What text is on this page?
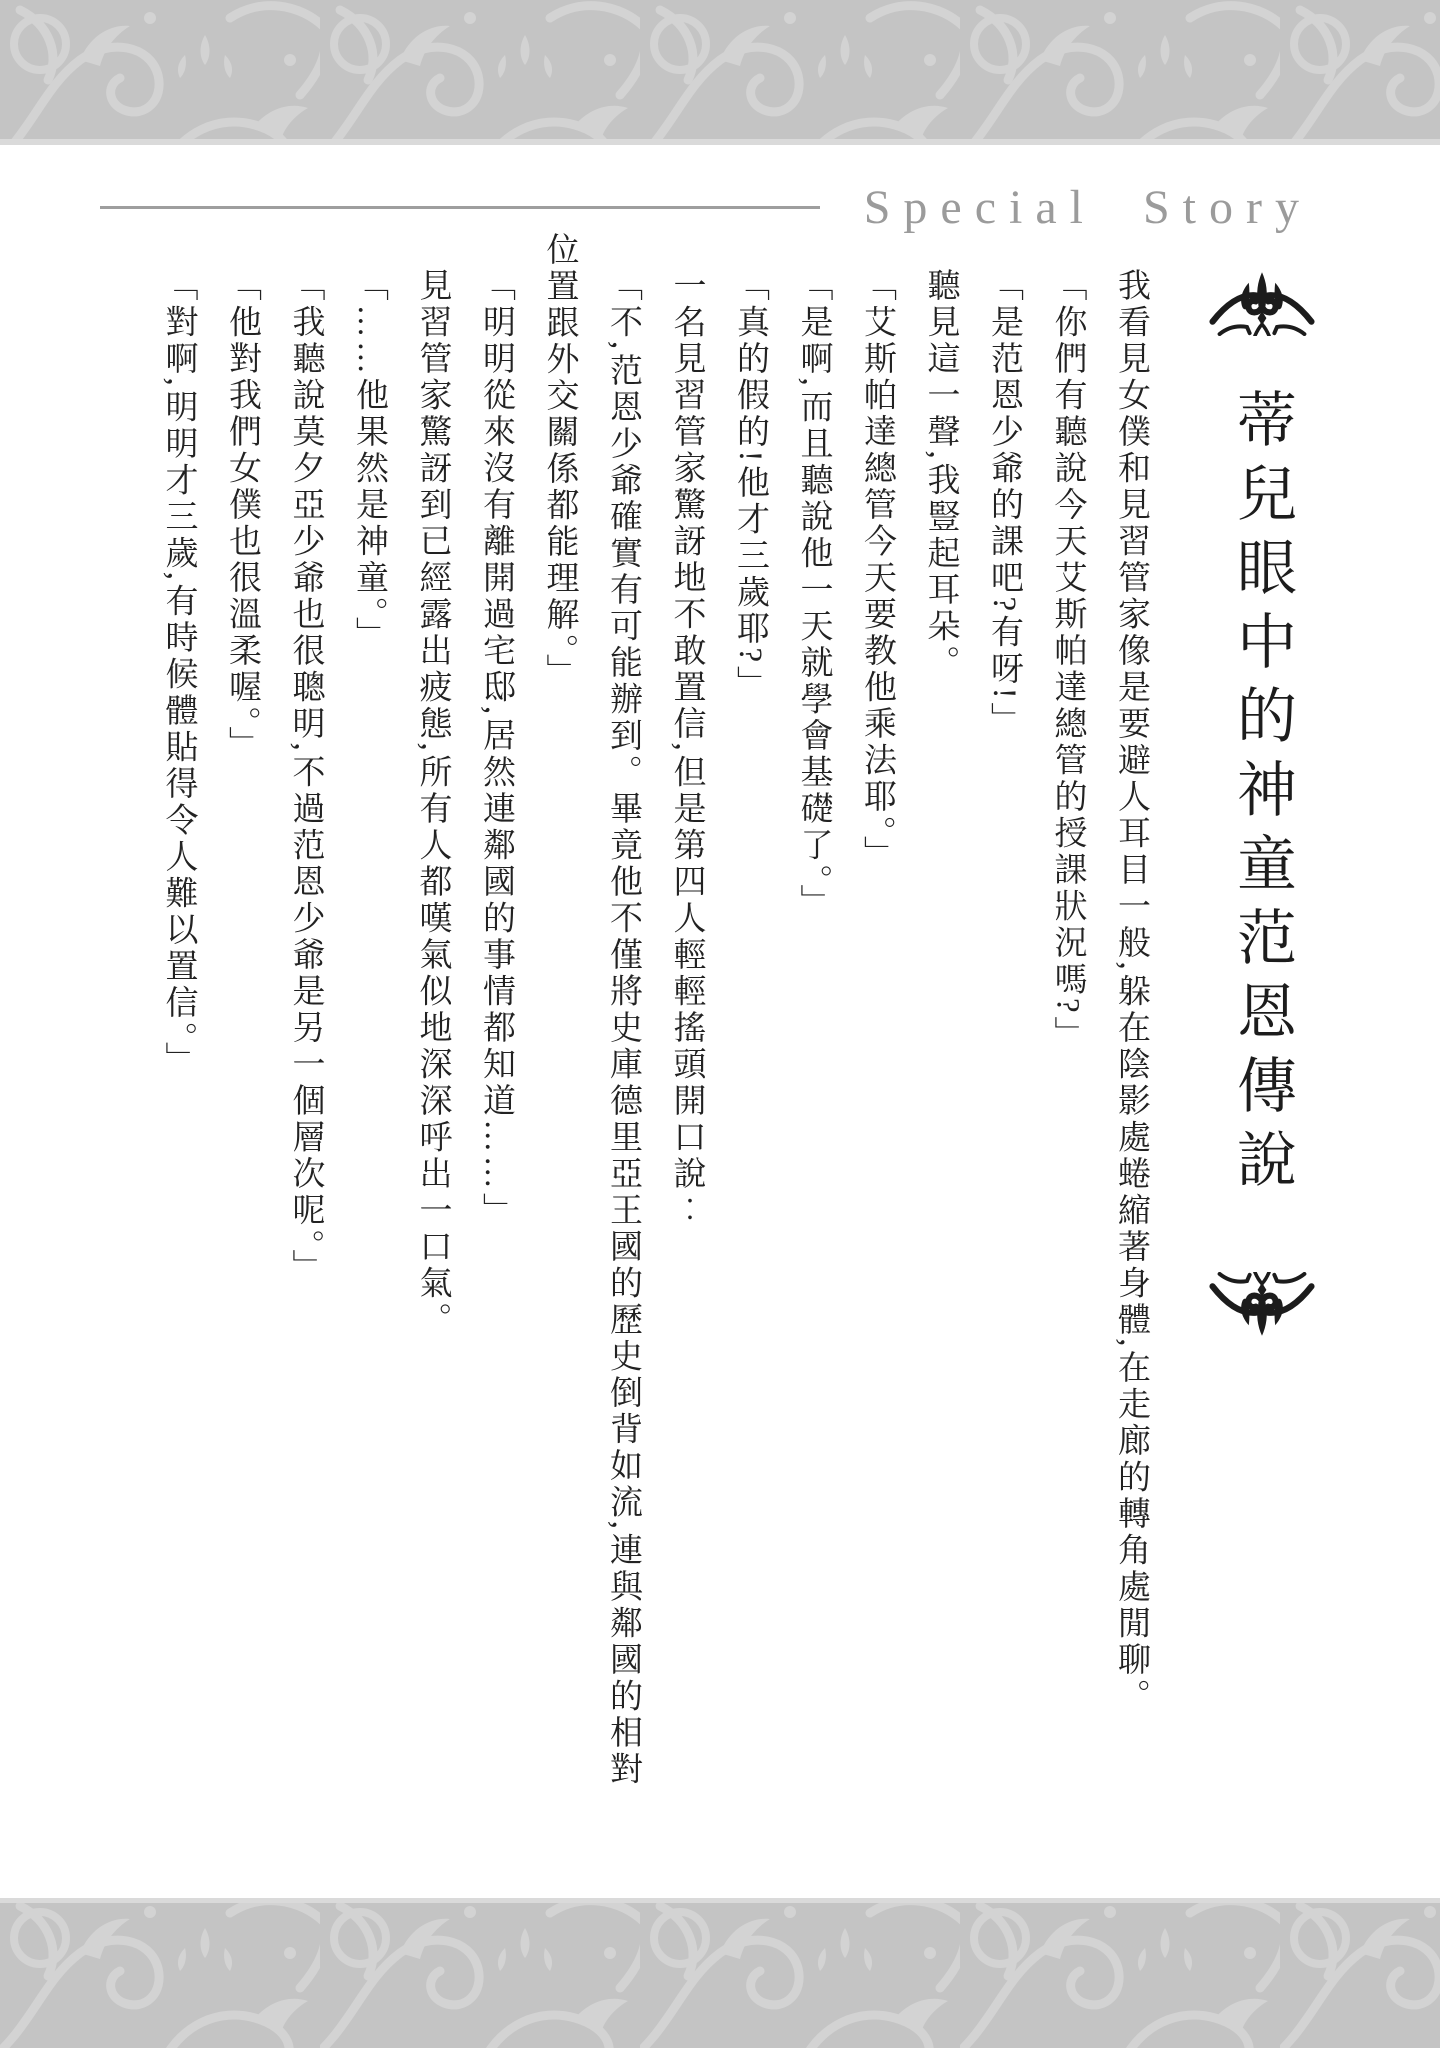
Special Story
蒂兒眼中的神童范恩傳說

我看見女僕和見習管家像是要避人耳目一般,躲在陰影處蜷縮著身體,在走廊的轉角處閒聊。

「你們有聽說今天艾斯帕達總管的授課狀況嗎?」

「是范恩少爺的課吧?有呀!」

聽見這一聲,我豎起耳朵。

「艾斯帕達總管今天要教他乘法耶。」

「是啊,而且聽說他一天就學會基礎了。」

「真的假的!他才三歲耶?」

一名見習管家驚訝地不敢置信,但是第四人輕輕搖頭開口說︰

「不,范恩少爺確實有可能辦到。畢竟他不僅將史庫德里亞王國的歷史倒背如流,連與鄰國的相對位置跟外交關係都能理解。」

「明明從來沒有離開過宅邸,居然連鄰國的事情都知道……」

見習管家驚訝到已經露出疲態,所有人都嘆氣似地深深呼出一口氣。

「……他果然是神童。」

「我聽說莫夕亞少爺也很聰明,不過范恩少爺是另一個層次呢。」

「他對我們女僕也很溫柔喔。」

「對啊,明明才三歲,有時候體貼得令人難以置信。」
